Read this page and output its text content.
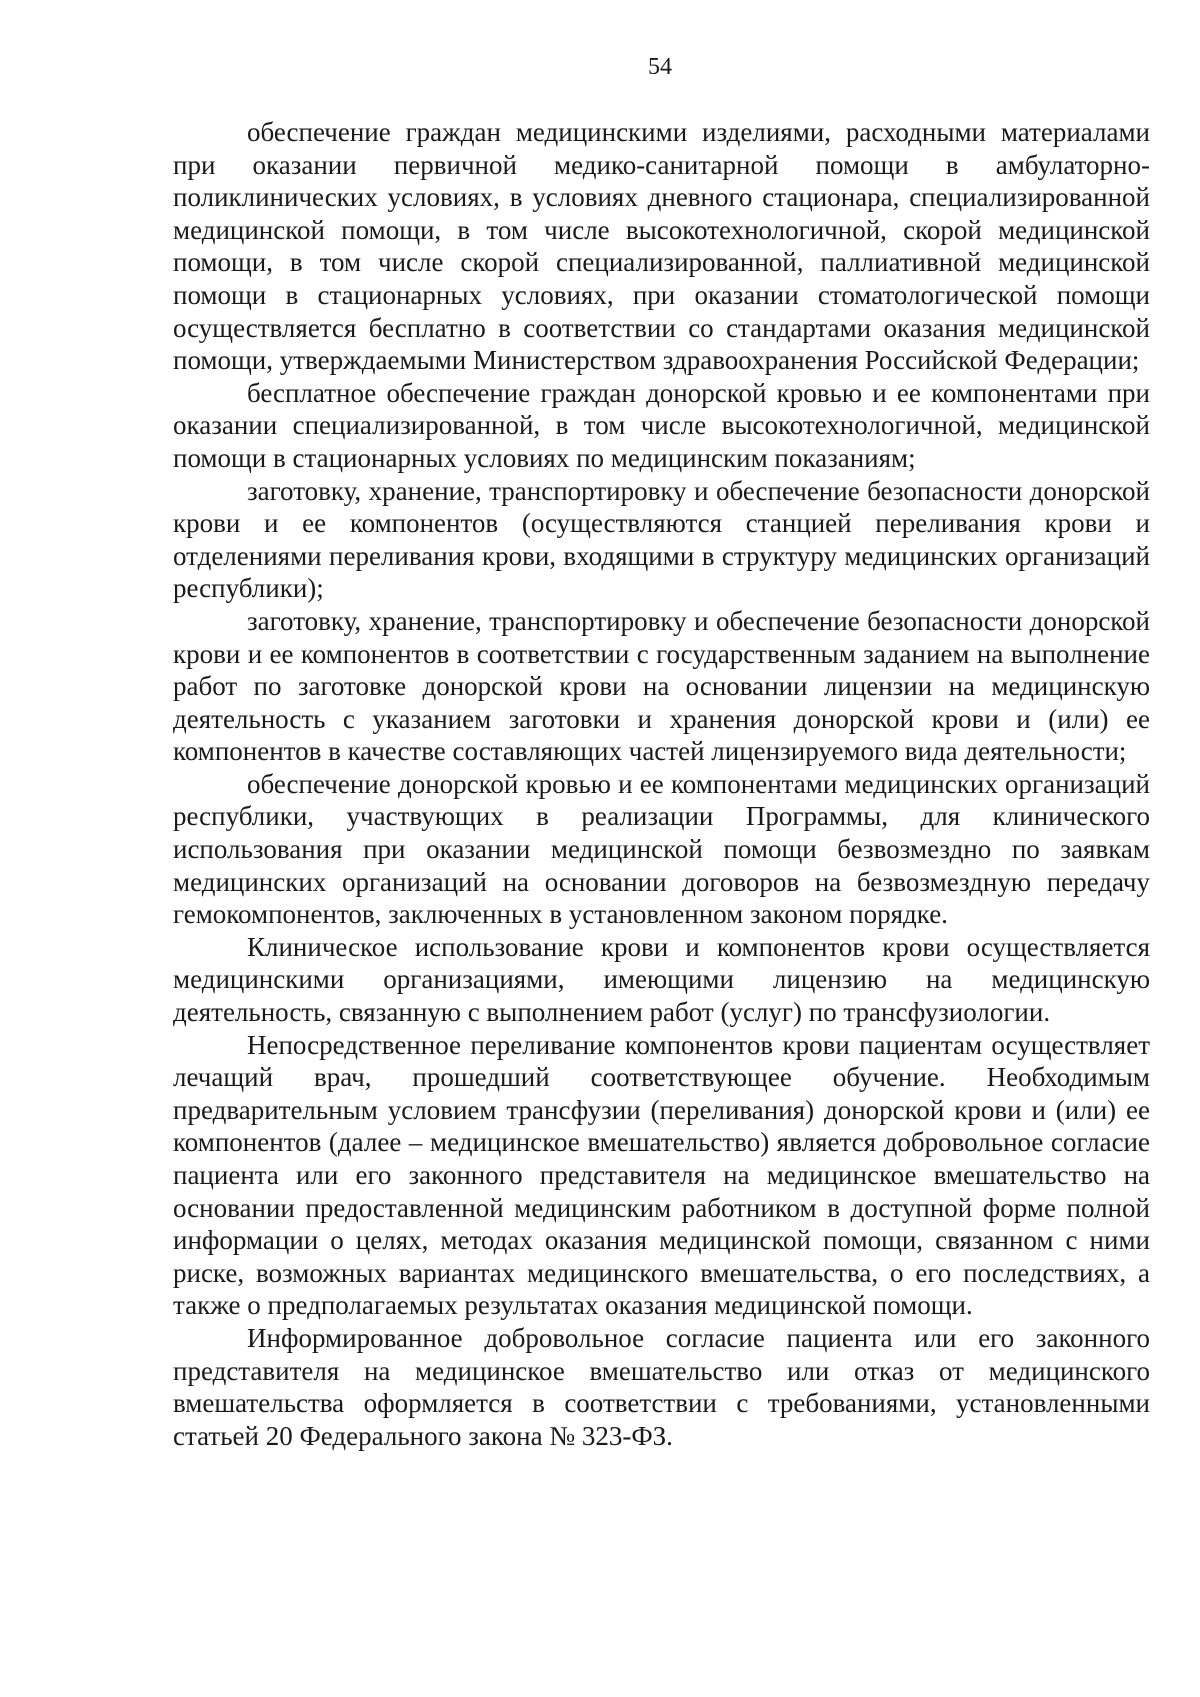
54

обеспечение граждан медицинскими изделиями, расходными материалами при оказании первичной медико-санитарной помощи в амбулаторно-поликлинических условиях, в условиях дневного стационара, специализированной медицинской помощи, в том числе высокотехнологичной, скорой медицинской помощи, в том числе скорой специализированной, паллиативной медицинской помощи в стационарных условиях, при оказании стоматологической помощи осуществляется бесплатно в соответствии со стандартами оказания медицинской помощи, утверждаемыми Министерством здравоохранения Российской Федерации;

бесплатное обеспечение граждан донорской кровью и ее компонентами при оказании специализированной, в том числе высокотехнологичной, медицинской помощи в стационарных условиях по медицинским показаниям;

заготовку, хранение, транспортировку и обеспечение безопасности донорской крови и ее компонентов (осуществляются станцией переливания крови и отделениями переливания крови, входящими в структуру медицинских организаций республики);

заготовку, хранение, транспортировку и обеспечение безопасности донорской крови и ее компонентов в соответствии с государственным заданием на выполнение работ по заготовке донорской крови на основании лицензии на медицинскую деятельность с указанием заготовки и хранения донорской крови и (или) ее компонентов в качестве составляющих частей лицензируемого вида деятельности;

обеспечение донорской кровью и ее компонентами медицинских организаций республики, участвующих в реализации Программы, для клинического использования при оказании медицинской помощи безвозмездно по заявкам медицинских организаций на основании договоров на безвозмездную передачу гемокомпонентов, заключенных в установленном законом порядке.

Клиническое использование крови и компонентов крови осуществляется медицинскими организациями, имеющими лицензию на медицинскую деятельность, связанную с выполнением работ (услуг) по трансфузиологии.

Непосредственное переливание компонентов крови пациентам осуществляет лечащий врач, прошедший соответствующее обучение. Необходимым предварительным условием трансфузии (переливания) донорской крови и (или) ее компонентов (далее – медицинское вмешательство) является добровольное согласие пациента или его законного представителя на медицинское вмешательство на основании предоставленной медицинским работником в доступной форме полной информации о целях, методах оказания медицинской помощи, связанном с ними риске, возможных вариантах медицинского вмешательства, о его последствиях, а также о предполагаемых результатах оказания медицинской помощи.

Информированное добровольное согласие пациента или его законного представителя на медицинское вмешательство или отказ от медицинского вмешательства оформляется в соответствии с требованиями, установленными статьей 20 Федерального закона № 323-ФЗ.
